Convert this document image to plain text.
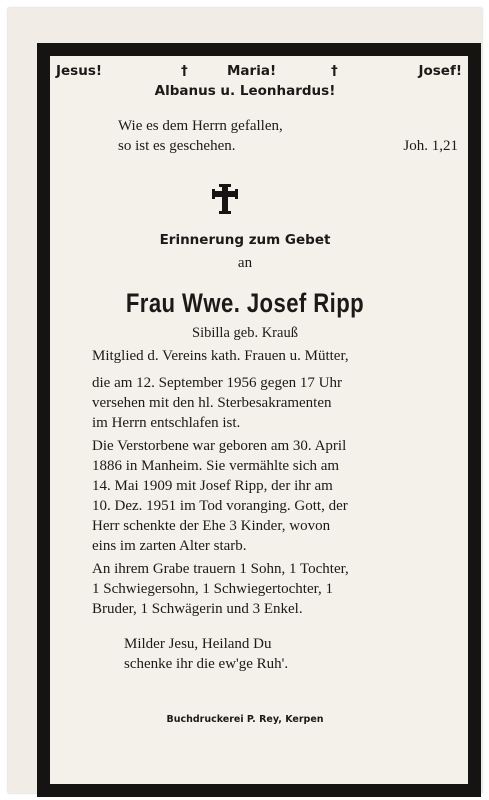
Jesus!	†	Maria!	†	Josef!
Albanus u. Leonhardus!
Wie es dem Herrn gefallen,
so ist es geschehen.	Joh. 1,21
Erinnerung zum Gebet
an
Frau Wwe. Josef Ripp
Sibilla geb. Krauß
Mitglied d. Vereins kath. Frauen u. Mütter,
die am 12. September 1956 gegen 17 Uhr
versehen mit den hl. Sterbesakramenten
im Herrn entschlafen ist.
Die Verstorbene war geboren am 30. April
1886 in Manheim. Sie vermählte sich am
14. Mai 1909 mit Josef Ripp, der ihr am
10. Dez. 1951 im Tod voranging. Gott, der
Herr schenkte der Ehe 3 Kinder, wovon
eins im zarten Alter starb.
An ihrem Grabe trauern 1 Sohn, 1 Tochter,
1 Schwiegersohn, 1 Schwiegertochter, 1
Bruder, 1 Schwägerin und 3 Enkel.
Milder Jesu, Heiland Du
schenke ihr die ew'ge Ruh'.
Buchdruckerei P. Rey, Kerpen
